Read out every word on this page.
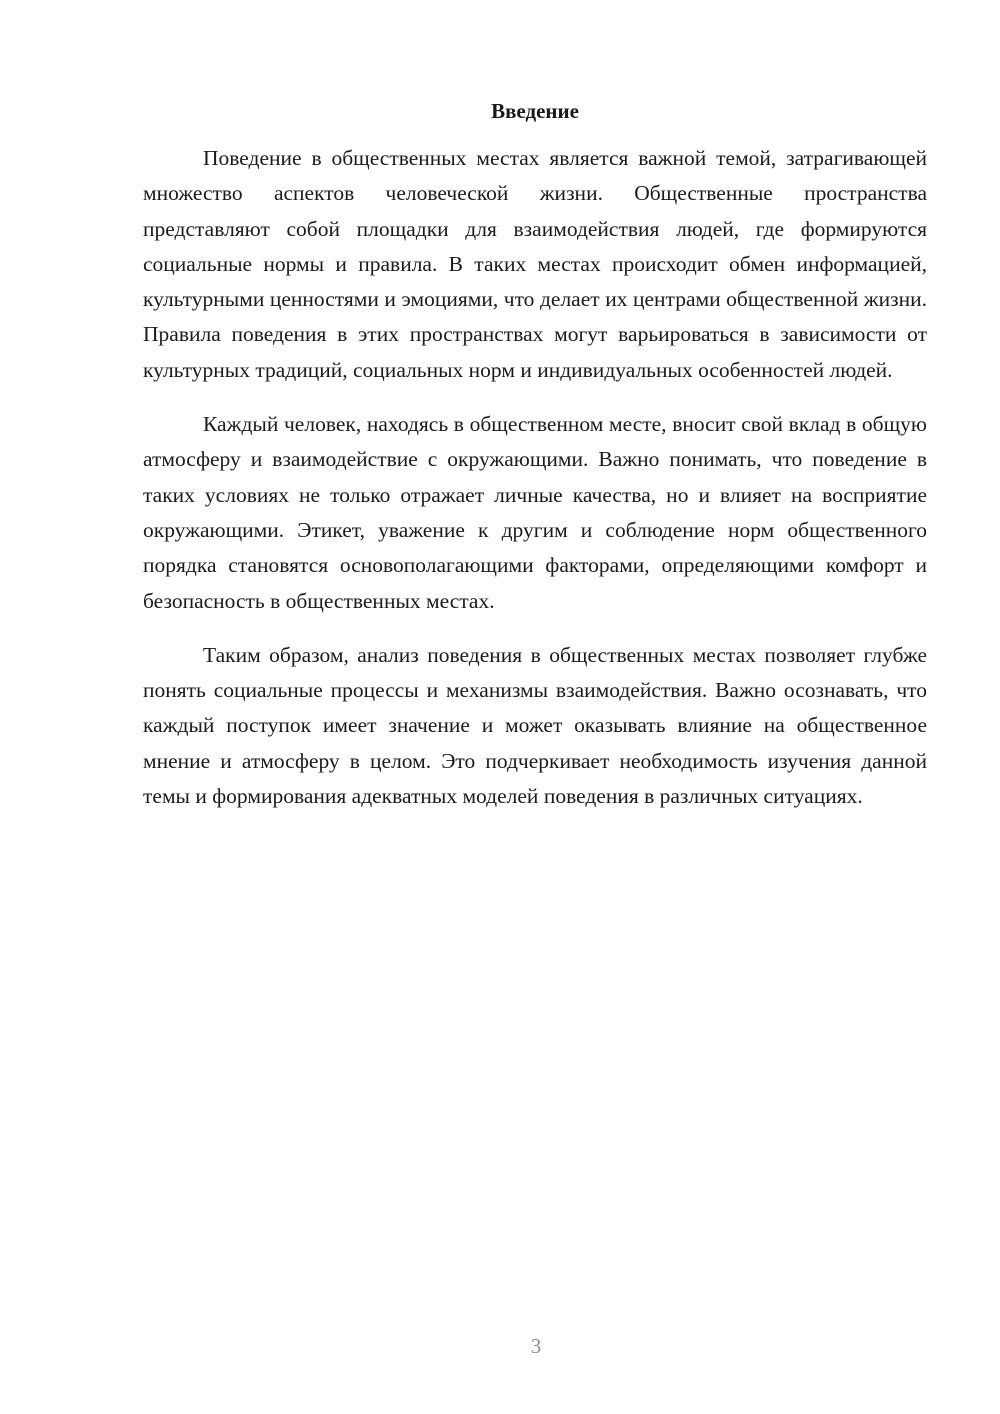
Введение

Поведение в общественных местах является важной темой, затрагивающей множество аспектов человеческой жизни. Общественные пространства представляют собой площадки для взаимодействия людей, где формируются социальные нормы и правила. В таких местах происходит обмен информацией, культурными ценностями и эмоциями, что делает их центрами общественной жизни. Правила поведения в этих пространствах могут варьироваться в зависимости от культурных традиций, социальных норм и индивидуальных особенностей людей.

Каждый человек, находясь в общественном месте, вносит свой вклад в общую атмосферу и взаимодействие с окружающими. Важно понимать, что поведение в таких условиях не только отражает личные качества, но и влияет на восприятие окружающими. Этикет, уважение к другим и соблюдение норм общественного порядка становятся основополагающими факторами, определяющими комфорт и безопасность в общественных местах.

Таким образом, анализ поведения в общественных местах позволяет глубже понять социальные процессы и механизмы взаимодействия. Важно осознавать, что каждый поступок имеет значение и может оказывать влияние на общественное мнение и атмосферу в целом. Это подчеркивает необходимость изучения данной темы и формирования адекватных моделей поведения в различных ситуациях.

3
